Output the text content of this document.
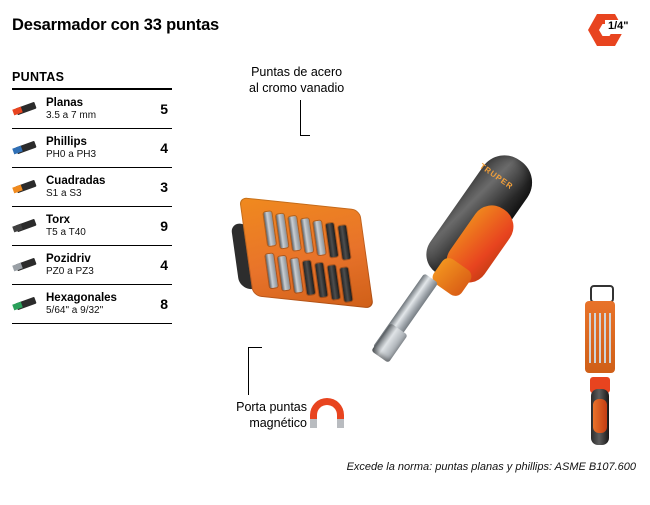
Desarmador con 33 puntas	1/4"
PUNTAS
Planas
3.5 a 7 mm	5
Phillips
PH0 a PH3	4
Cuadradas
S1 a S3	3
Torx
T5 a T40	9
Pozidriv
PZ0 a PZ3	4
Hexagonales
5/64" a 9/32"	8
Puntas de acero
al cromo vanadio
TRUPER
Porta puntas
magnético
Excede la norma: puntas planas y phillips: ASME B107.600
